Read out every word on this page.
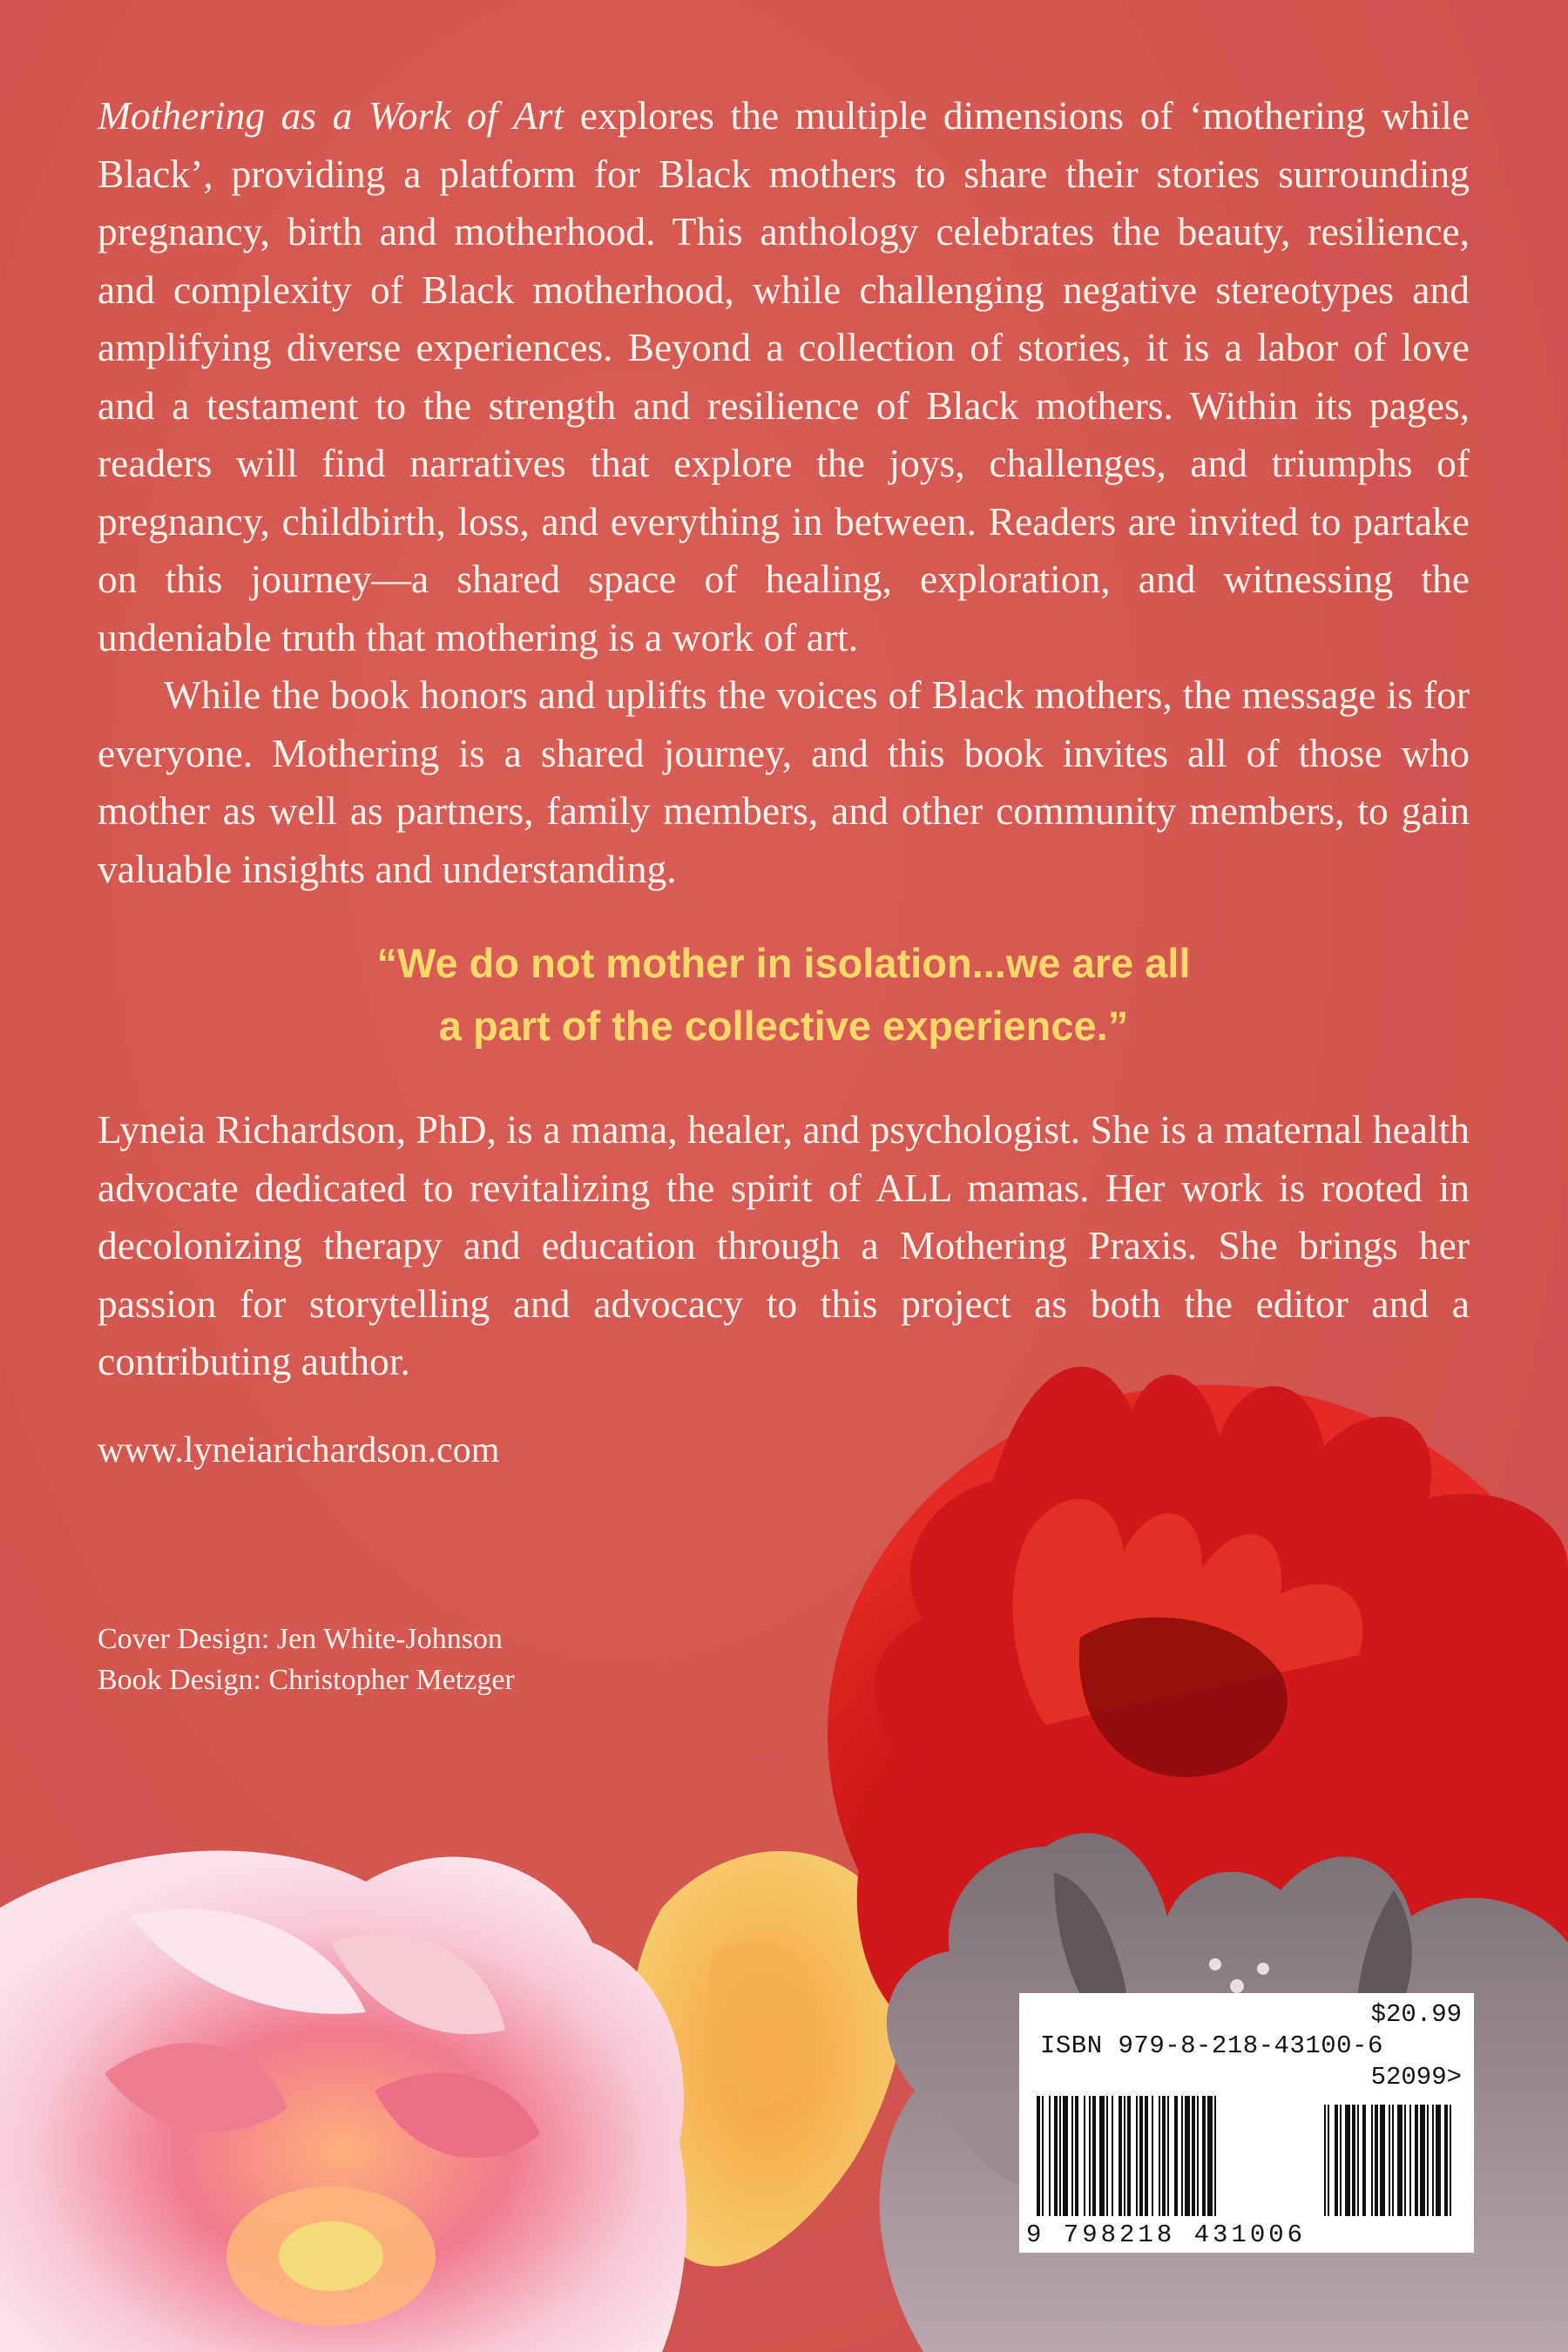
Mothering as a Work of Art explores the multiple dimensions of ‘mothering while Black’, providing a platform for Black mothers to share their stories surrounding pregnancy, birth and motherhood. This anthology celebrates the beauty, resilience, and complexity of Black motherhood, while challenging negative stereotypes and amplifying diverse experiences. Beyond a collection of stories, it is a labor of love and a testament to the strength and resilience of Black mothers. Within its pages, readers will find narratives that explore the joys, challenges, and triumphs of pregnancy, childbirth, loss, and everything in between. Readers are invited to partake on this journey—a shared space of healing, exploration, and witnessing the undeniable truth that mothering is a work of art.

While the book honors and uplifts the voices of Black mothers, the message is for everyone. Mothering is a shared journey, and this book invites all of those who mother as well as partners, family members, and other community members, to gain valuable insights and understanding.

“We do not mother in isolation...we are all
a part of the collective experience.”

Lyneia Richardson, PhD, is a mama, healer, and psychologist. She is a maternal health advocate dedicated to revitalizing the spirit of ALL mamas. Her work is rooted in decolonizing therapy and education through a Mothering Praxis. She brings her passion for storytelling and advocacy to this project as both the editor and a contributing author.

www.lyneiarichardson.com
Cover Design: Jen White-Johnson
Book Design: Christopher Metzger
$20.99
ISBN 979-8-218-43100-6
52099>
9 798218 431006
